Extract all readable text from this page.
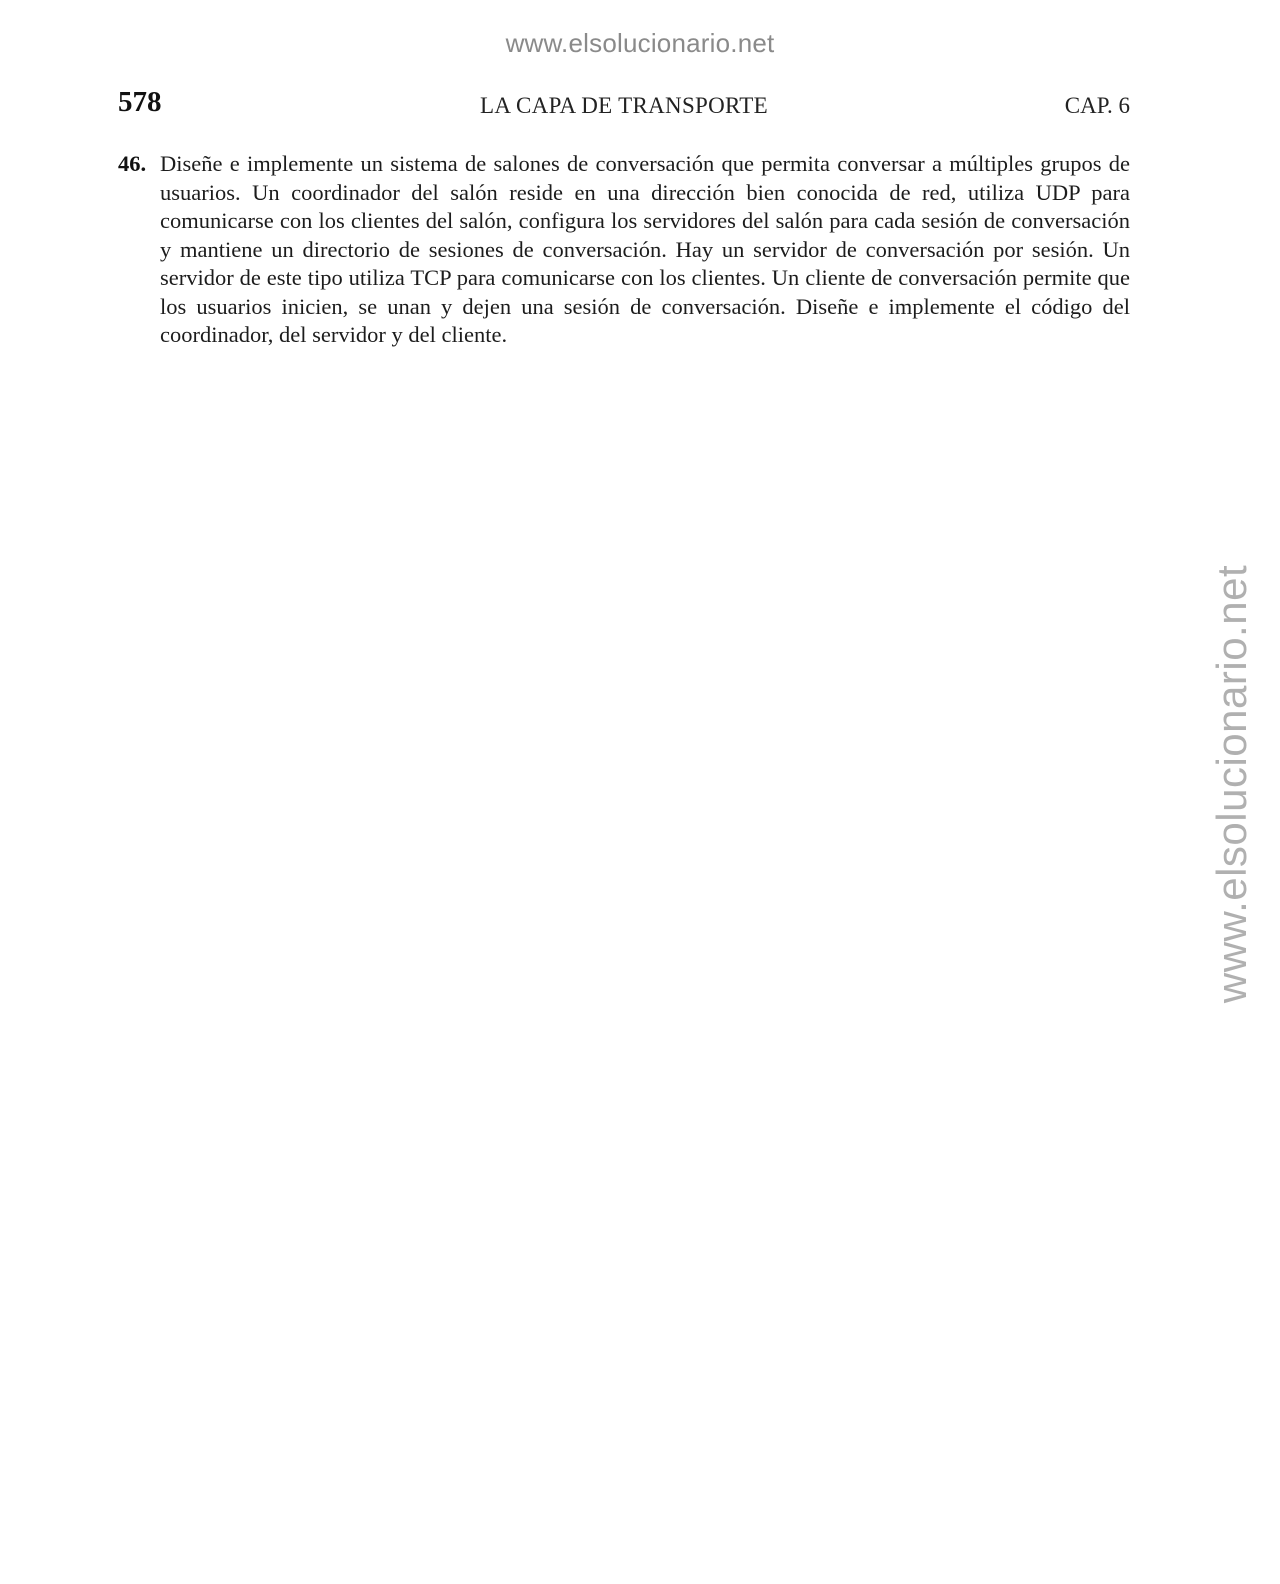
www.elsolucionario.net
578	LA CAPA DE TRANSPORTE	CAP. 6
46. Diseñe e implemente un sistema de salones de conversación que permita conversar a múltiples grupos de usuarios. Un coordinador del salón reside en una dirección bien conocida de red, utiliza UDP para comunicarse con los clientes del salón, configura los servidores del salón para cada sesión de conversación y mantiene un directorio de sesiones de conversación. Hay un servidor de conversación por sesión. Un servidor de este tipo utiliza TCP para comunicarse con los clientes. Un cliente de conversación permite que los usuarios inicien, se unan y dejen una sesión de conversación. Diseñe e implemente el código del coordinador, del servidor y del cliente.
www.elsolucionario.net
